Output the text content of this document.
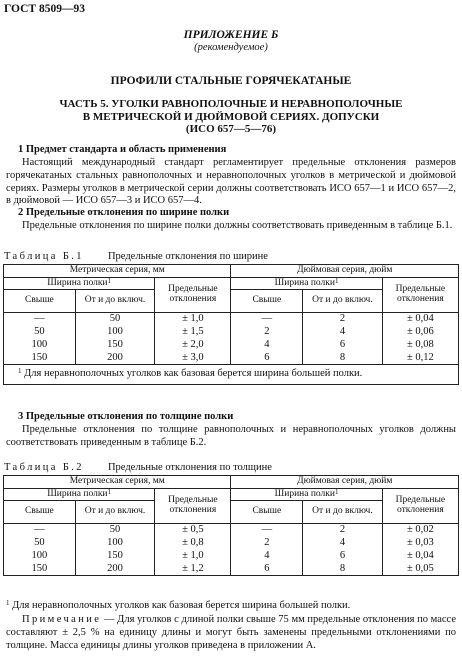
ГОСТ 8509—93
ПРИЛОЖЕНИЕ Б
(рекомендуемое)
ПРОФИЛИ СТАЛЬНЫЕ ГОРЯЧЕКАТАНЫЕ
ЧАСТЬ 5. УГОЛКИ РАВНОПОЛОЧНЫЕ И НЕРАВНОПОЛОЧНЫЕ
В МЕТРИЧЕСКОЙ И ДЮЙМОВОЙ СЕРИЯХ. ДОПУСКИ
(ИСО 657—5—76)
1 Предмет стандарта и область применения
Настоящий международный стандарт регламентирует предельные отклонения размеров горячекатаных стальных равнополочных и неравнополочных уголков в метрической и дюймовой сериях. Размеры уголков в метрической серии должны соответствовать ИСО 657—1 и ИСО 657—2, в дюймовой — ИСО 657—3 и ИСО 657—4.
2 Предельные отклонения по ширине полки
Предельные отклонения по ширине полки должны соответствовать приведенным в таблице Б.1.
Таблица Б.1 Предельные отклонения по ширине
Метрическая серия, мм			Дюймовая серия, дюйм		
Ширина полки$^1$		Предельные отклонения	Ширина полки$^1$		Предельные отклонения
Свыше	От и до включ.		Свыше	От и до включ.	
—	50	± 1,0	—	2	± 0,04
50	100	± 1,5	2	4	± 0,06
100	150	± 2,0	4	6	± 0,08
150	200	± 3,0	6	8	± 0,12
$^1$ Для неравнополочных уголков как базовая берется ширина большей полки.					
3 Предельные отклонения по толщине полки
Предельные отклонения по толщине равнополочных и неравнополочных уголков должны соответствовать приведенным в таблице Б.2.
Таблица Б.2 Предельные отклонения по толщине
Метрическая серия, мм			Дюймовая серия, дюйм		
Ширина полки$^1$		Предельные отклонения	Ширина полки$^1$		Предельные отклонения
Свыше	От и до включ.		Свыше	От и до включ.	
—	50	± 0,5	—	2	± 0,02
50	100	± 0,8	2	4	± 0,03
100	150	± 1,0	4	6	± 0,04
150	200	± 1,2	6	8	± 0,05
$^1$ Для неравнополочных уголков как базовая берется ширина большей полки.
Примечание — Для уголков с длиной полки свыше 75 мм предельные отклонения по массе составляют ± 2,5 % на единицу длины и могут быть заменены предельными отклонениями по толщине. Масса единицы длины уголков приведена в приложении А.
